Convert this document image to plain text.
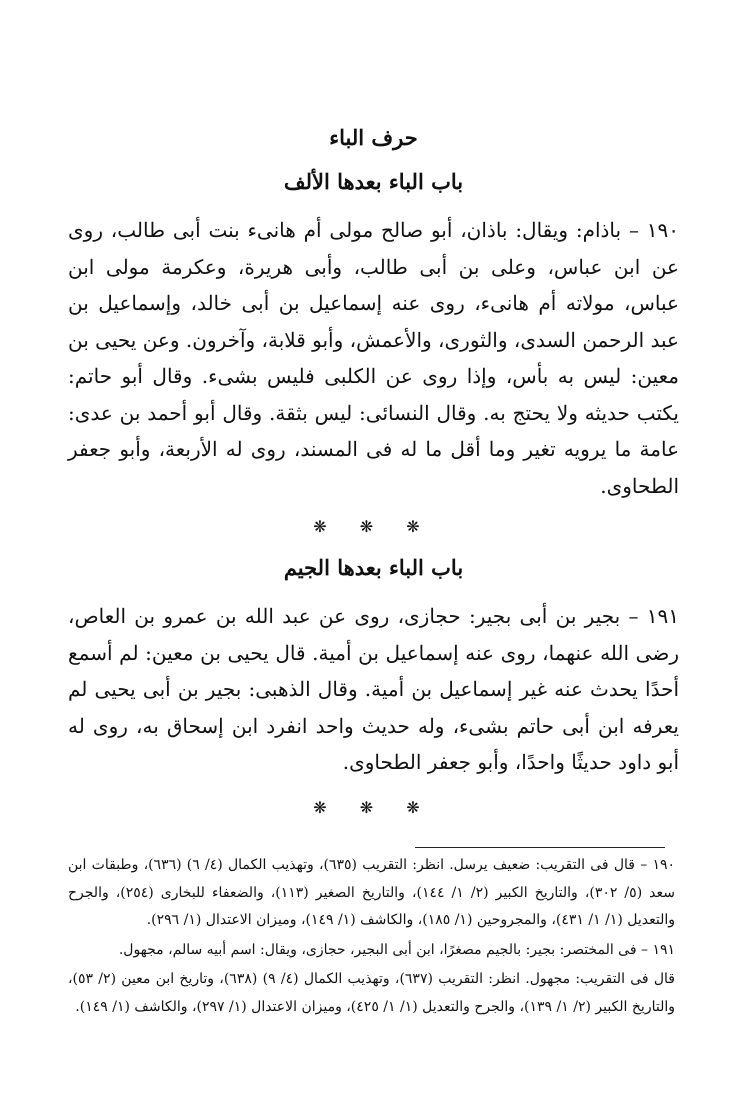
حرف الباء
باب الباء بعدها الألف

١٩٠ – باذام: ويقال: باذان، أبو صالح مولى أم هانىء بنت أبى طالب، روى عن ابن عباس، وعلى بن أبى طالب، وأبى هريرة، وعكرمة مولى ابن عباس، مولاته أم هانىء، روى عنه إسماعيل بن أبى خالد، وإسماعيل بن عبد الرحمن السدى، والثورى، والأعمش، وأبو قلابة، وآخرون. وعن يحيى بن معين: ليس به بأس، وإذا روى عن الكلبى فليس بشىء. وقال أبو حاتم: يكتب حديثه ولا يحتج به. وقال النسائى: ليس بثقة. وقال أبو أحمد بن عدى: عامة ما يرويه تغير وما أقل ما له فى المسند، روى له الأربعة، وأبو جعفر الطحاوى.

❋ ❋ ❋
باب الباء بعدها الجيم

١٩١ – بجير بن أبى بجير: حجازى، روى عن عبد الله بن عمرو بن العاص، رضى الله عنهما، روى عنه إسماعيل بن أمية. قال يحيى بن معين: لم أسمع أحدًا يحدث عنه غير إسماعيل بن أمية. وقال الذهبى: بجير بن أبى يحيى لم يعرفه ابن أبى حاتم بشىء، وله حديث واحد انفرد ابن إسحاق به، روى له أبو داود حديثًا واحدًا، وأبو جعفر الطحاوى.

❋ ❋ ❋

١٩٠ – قال فى التقريب: ضعيف يرسل. انظر: التقريب (٦٣٥)، وتهذيب الكمال (٤/ ٦) (٦٣٦)، وطبقات ابن سعد (٥/ ٣٠٢)، والتاريخ الكبير (٢/ ١/ ١٤٤)، والتاريخ الصغير (١١٣)، والضعفاء للبخارى (٢٥٤)، والجرح والتعديل (١/ ١/ ٤٣١)، والمجروحين (١/ ١٨٥)، والكاشف (١/ ١٤٩)، وميزان الاعتدال (١/ ٢٩٦).

١٩١ – فى المختصر: بجير: بالجيم مصغرًا، ابن أبى البجير، حجازى، ويقال: اسم أبيه سالم، مجهول.

قال فى التقريب: مجهول. انظر: التقريب (٦٣٧)، وتهذيب الكمال (٤/ ٩) (٦٣٨)، وتاريخ ابن معين (٢/ ٥٣)، والتاريخ الكبير (٢/ ١/ ١٣٩)، والجرح والتعديل (١/ ١/ ٤٢٥)، وميزان الاعتدال (١/ ٢٩٧)، والكاشف (١/ ١٤٩).
